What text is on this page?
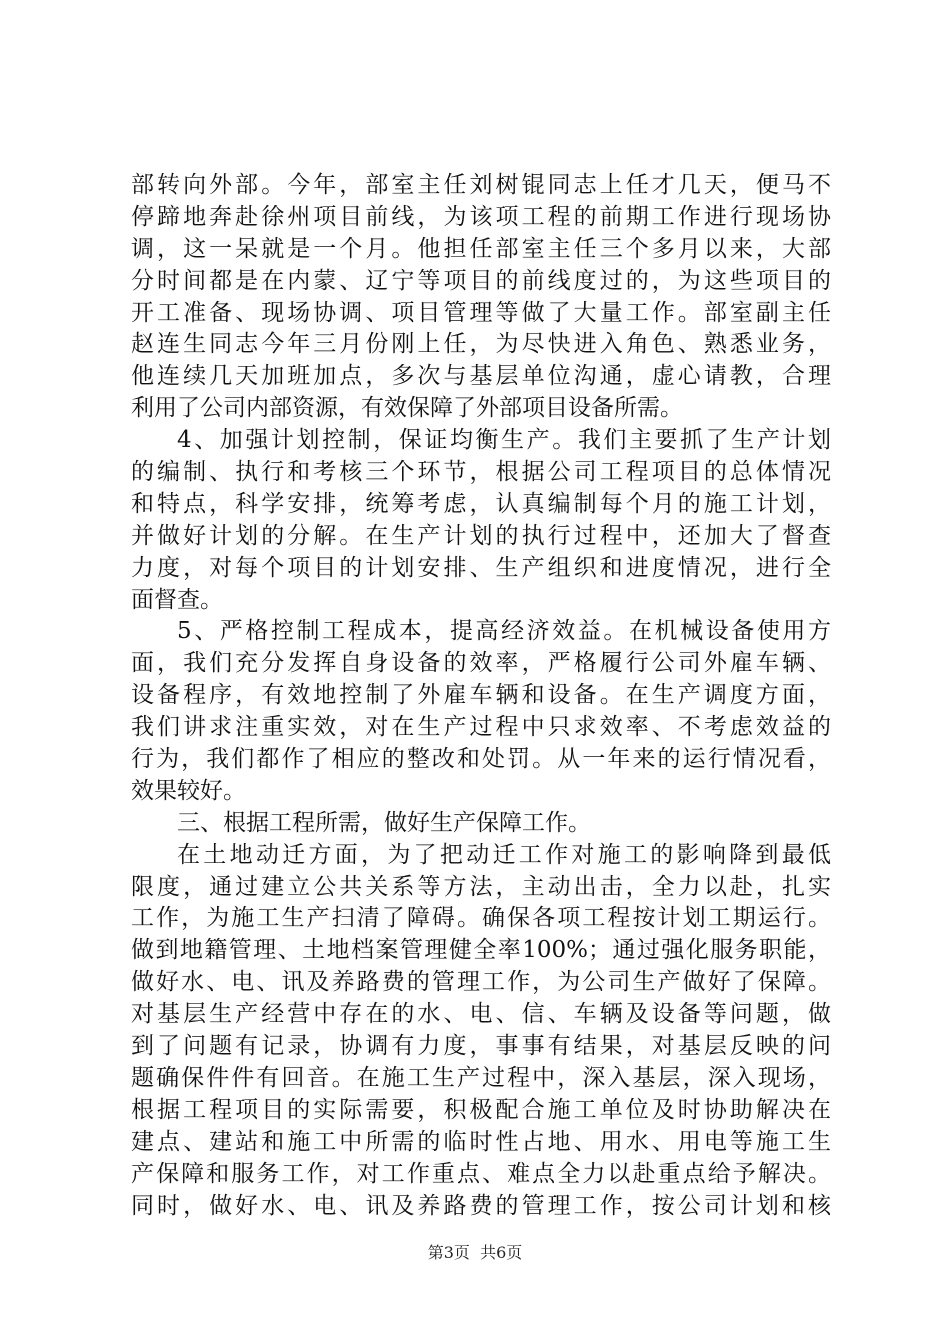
部转向外部。今年，部室主任刘树锟同志上任才几天，便马不
停蹄地奔赴徐州项目前线，为该项工程的前期工作进行现场协
调，这一呆就是一个月。他担任部室主任三个多月以来，大部
分时间都是在内蒙、辽宁等项目的前线度过的，为这些项目的
开工准备、现场协调、项目管理等做了大量工作。部室副主任
赵连生同志今年三月份刚上任，为尽快进入角色、熟悉业务，
他连续几天加班加点，多次与基层单位沟通，虚心请教，合理
利用了公司内部资源，有效保障了外部项目设备所需。
4、加强计划控制，保证均衡生产。我们主要抓了生产计划
的编制、执行和考核三个环节，根据公司工程项目的总体情况
和特点，科学安排，统筹考虑，认真编制每个月的施工计划，
并做好计划的分解。在生产计划的执行过程中，还加大了督查
力度，对每个项目的计划安排、生产组织和进度情况，进行全
面督查。
5、严格控制工程成本，提高经济效益。在机械设备使用方
面，我们充分发挥自身设备的效率，严格履行公司外雇车辆、
设备程序，有效地控制了外雇车辆和设备。在生产调度方面，
我们讲求注重实效，对在生产过程中只求效率、不考虑效益的
行为，我们都作了相应的整改和处罚。从一年来的运行情况看，
效果较好。
三、根据工程所需，做好生产保障工作。
在土地动迁方面，为了把动迁工作对施工的影响降到最低
限度，通过建立公共关系等方法，主动出击，全力以赴，扎实
工作，为施工生产扫清了障碍。确保各项工程按计划工期运行。
做到地籍管理、土地档案管理健全率100%；通过强化服务职能，
做好水、电、讯及养路费的管理工作，为公司生产做好了保障。
对基层生产经营中存在的水、电、信、车辆及设备等问题，做
到了问题有记录，协调有力度，事事有结果，对基层反映的问
题确保件件有回音。在施工生产过程中，深入基层，深入现场，
根据工程项目的实际需要，积极配合施工单位及时协助解决在
建点、建站和施工中所需的临时性占地、用水、用电等施工生
产保障和服务工作，对工作重点、难点全力以赴重点给予解决。
同时，做好水、电、讯及养路费的管理工作，按公司计划和核
第3页  共6页
